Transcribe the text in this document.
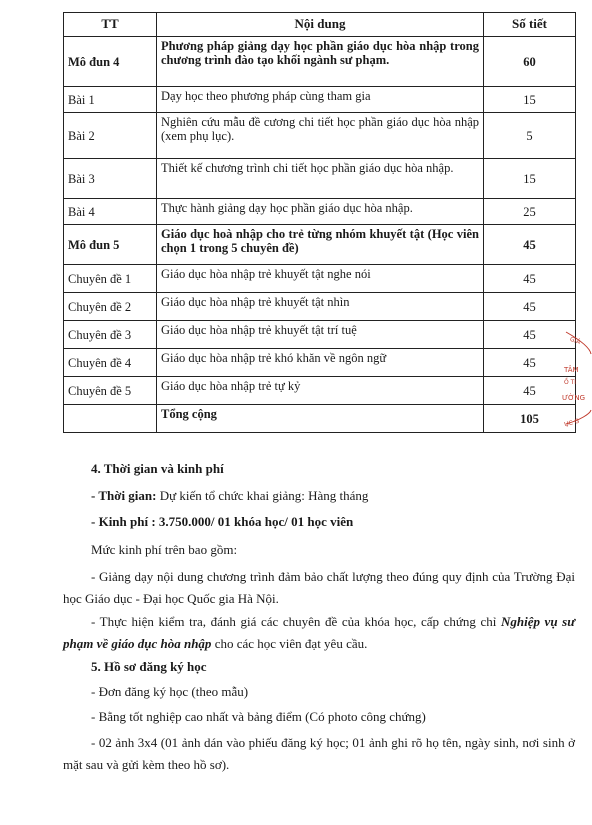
TT	Nội dung	Số tiết
Mô đun 4	Phương pháp giảng dạy học phần giáo dục hòa nhập trong chương trình đào tạo khối ngành sư phạm.	60
Bài 1	Dạy học theo phương pháp cùng tham gia	15
Bài 2	Nghiên cứu mẫu đề cương chi tiết học phần giáo dục hòa nhập (xem phụ lục).	5
Bài 3	Thiết kế chương trình chi tiết học phần giáo dục hòa nhập.	15
Bài 4	Thực hành giảng dạy học phần giáo dục hòa nhập.	25
Mô đun 5	Giáo dục hoà nhập cho trẻ từng nhóm khuyết tật (Học viên chọn 1 trong 5 chuyên đề)	45
Chuyên đề 1	Giáo dục hòa nhập trẻ khuyết tật nghe nói	45
Chuyên đề 2	Giáo dục hòa nhập trẻ khuyết tật nhìn	45
Chuyên đề 3	Giáo dục hòa nhập trẻ khuyết tật trí tuệ	45
Chuyên đề 4	Giáo dục hòa nhập trẻ khó khăn về ngôn ngữ	45
Chuyên đề 5	Giáo dục hòa nhập trẻ tự kỷ	45
	Tổng cộng	105
4. Thời gian và kinh phí
- Thời gian: Dự kiến tổ chức khai giảng: Hàng tháng
- Kinh phí : 3.750.000/ 01 khóa học/ 01 học viên
Mức kinh phí trên bao gồm:
- Giảng dạy nội dung chương trình đảm bảo chất lượng theo đúng quy định của Trường Đại học Giáo dục - Đại học Quốc gia Hà Nội.
- Thực hiện kiểm tra, đánh giá các chuyên đề của khóa học, cấp chứng chỉ Nghiệp vụ sư phạm về giáo dục hòa nhập cho các học viên đạt yêu cầu.
5. Hồ sơ đăng ký học
- Đơn đăng ký học (theo mẫu)
- Bằng tốt nghiệp cao nhất và bảng điểm (Có photo công chứng)
- 02 ảnh 3x4 (01 ảnh dán vào phiếu đăng ký học; 01 ảnh ghi rõ họ tên, ngày sinh, nơi sinh ở mặt sau và gửi kèm theo hồ sơ).
GIÁ
TÂM
Ồ TI
ƯỜNG
ỤC G
